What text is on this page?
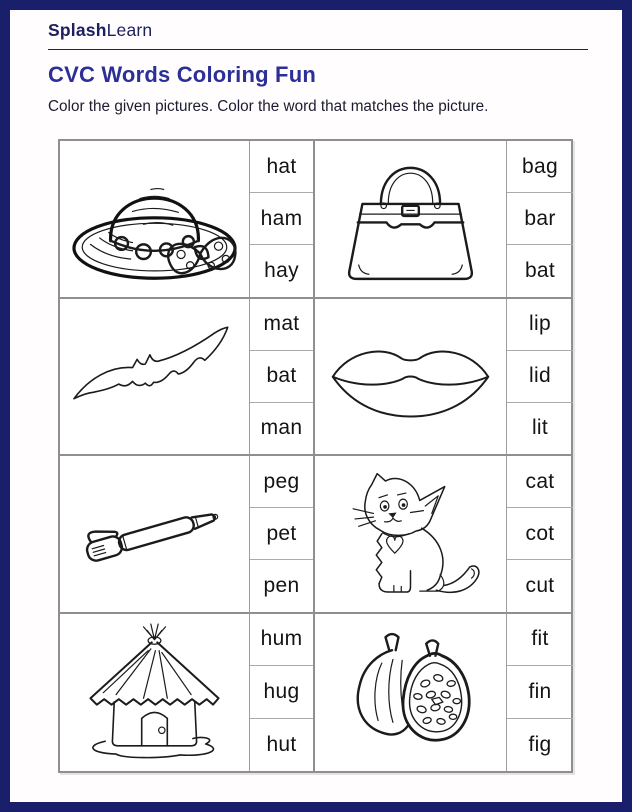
SplashLearn
CVC Words Coloring Fun
Color the given pictures. Color the word that matches the picture.
hat
ham
hay
bag
bar
bat
mat
bat
man
lip
lid
lit
peg
pet
pen
cat
cot
cut
hum
hug
hut
fit
fin
fig
